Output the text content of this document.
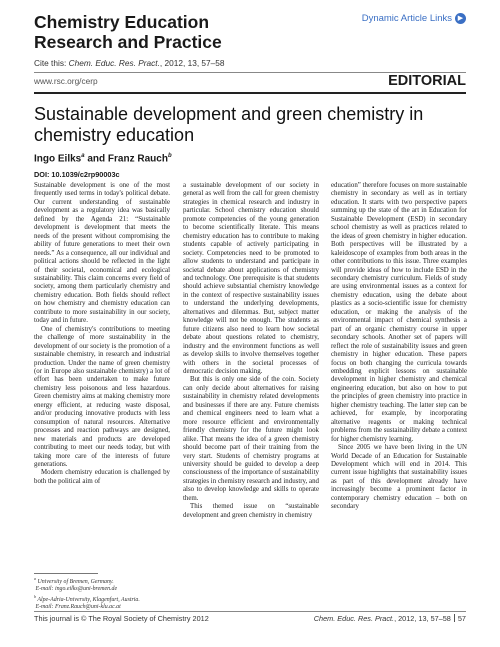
Chemistry Education
Research and Practice
Dynamic Article Links ▶
Cite this: Chem. Educ. Res. Pract., 2012, 13, 57–58
www.rsc.org/cerp	EDITORIAL
Sustainable development and green chemistry in chemistry education
Ingo Eilks$^a$ and Franz Rauch$^b$
DOI: 10.1039/c2rp90003c

Sustainable development is one of the most frequently used terms in today's political debate. Our current understanding of sustainable development as a regulatory idea was basically defined by the Agenda 21: “Sustainable development is development that meets the needs of the present without compromising the ability of future generations to meet their own needs.” As a consequence, all our individual and political actions should be reflected in the light of their societal, economical and ecological sustainability. This claim concerns every field of society, among them particularly chemistry and chemistry education. Both fields should reflect on how chemistry and chemistry education can contribute to more sustainability in our society, today and in future.

One of chemistry's contributions to meeting the challenge of more sustainability in the development of our society is the promotion of a sustainable chemistry, in research and industrial production. Under the name of green chemistry (or in Europe also sustainable chemistry) a lot of effort has been undertaken to make future chemistry less poisonous and less hazardous. Green chemistry aims at making chemistry more energy efficient, at reducing waste disposal, and/or producing innovative products with less consumption of natural resources. Alternative processes and reaction pathways are designed, new materials and products are developed contributing to meet our needs today, but with taking more care of the interests of future generations.

Modern chemistry education is challenged by both the political aim of

a sustainable development of our society in general as well from the call for green chemistry strategies in chemical research and industry in particular. School chemistry education should promote competencies of the young generation to become scientifically literate. This means chemistry education has to contribute to making students capable of actively participating in society. Competencies need to be promoted to allow students to understand and participate in societal debate about applications of chemistry and technology. One prerequisite is that students should achieve substantial chemistry knowledge in the context of respective sustainability issues to understand the underlying developments, alternatives and dilemmas. But, subject matter knowledge will not be enough. The students as future citizens also need to learn how societal debate about questions related to chemistry, industry and the environment functions as well as develop skills to involve themselves together with others in the societal processes of democratic decision making.

But this is only one side of the coin. Society can only decide about alternatives for raising sustainability in chemistry related developments and businesses if there are any. Future chemists and chemical engineers need to learn what a more resource efficient and environmentally friendly chemistry for the future might look alike. That means the idea of a green chemistry should become part of their training from the very start. Students of chemistry programs at university should be guided to develop a deep consciousness of the importance of sustainability strategies in chemistry research and industry, and also to develop knowledge and skills to operate them.

This themed issue on “sustainable development and green chemistry in chemistry

education” therefore focuses on more sustainable chemistry in secondary as well as in tertiary education. It starts with two perspective papers summing up the state of the art in Education for Sustainable Development (ESD) in secondary school chemistry as well as practices related to the ideas of green chemistry in higher education. Both perspectives will be illustrated by a kaleidoscope of examples from both areas in the other contributions to this issue. Three examples will provide ideas of how to include ESD in the secondary chemistry curriculum. Fields of study are using environmental issues as a context for chemistry education, using the debate about plastics as a socio-scientific issue for chemistry education, or making the analysis of the environmental impact of chemical synthesis a part of an organic chemistry course in upper secondary schools. Another set of papers will reflect the role of sustainability issues and green chemistry in higher education. These papers focus on both changing the curricula towards embedding explicit lessons on sustainable development in higher chemistry and chemical engineering education, but also on how to put the principles of green chemistry into practice in higher chemistry teaching. The latter step can be achieved, for example, by incorporating alternative reagents or making technical problems from the sustainability debate a context for higher chemistry learning.

Since 2005 we have been living in the UN World Decade of an Education for Sustainable Development which will end in 2014. This current issue highlights that sustainability issues as part of this development already have increasingly become a prominent factor in contemporary chemistry education – both on secondary

$^a$ University of Bremen, Germany.
E-mail: ingo.eilks@uni-bremen.de
$^b$ Alpe-Adria-University, Klagenfurt, Austria.
E-mail: Franz.Rauch@uni-klu.ac.at
This journal is © The Royal Society of Chemistry 2012	Chem. Educ. Res. Pract., 2012, 13, 57–58 57
